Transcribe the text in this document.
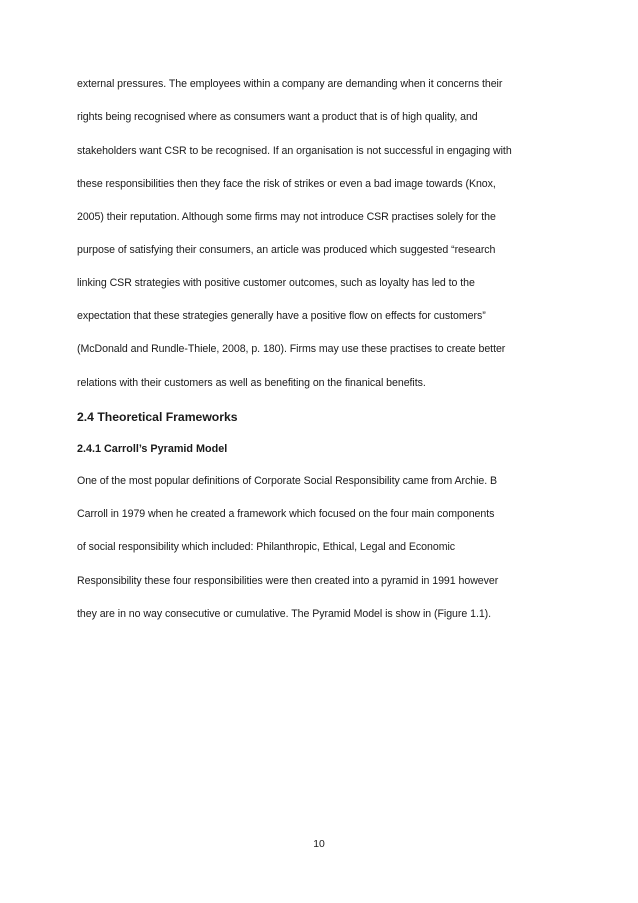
external pressures. The employees within a company are demanding when it concerns their
rights being recognised where as consumers want a product that is of high quality, and
stakeholders want CSR to be recognised. If an organisation is not successful in engaging with
these responsibilities then they face the risk of strikes or even a bad image towards (Knox,
2005) their reputation. Although some firms may not introduce CSR practises solely for the
purpose of satisfying their consumers, an article was produced which suggested “research
linking CSR strategies with positive customer outcomes, such as loyalty has led to the
expectation that these strategies generally have a positive flow on effects for customers”
(McDonald and Rundle-Thiele, 2008, p. 180). Firms may use these practises to create better
relations with their customers as well as benefiting on the finanical benefits.
2.4 Theoretical Frameworks
2.4.1 Carroll’s Pyramid Model
One of the most popular definitions of Corporate Social Responsibility came from Archie. B
Carroll in 1979 when he created a framework which focused on the four main components
of social responsibility which included: Philanthropic, Ethical, Legal and Economic
Responsibility these four responsibilities were then created into a pyramid in 1991 however
they are in no way consecutive or cumulative. The Pyramid Model is show in (Figure 1.1).
10
